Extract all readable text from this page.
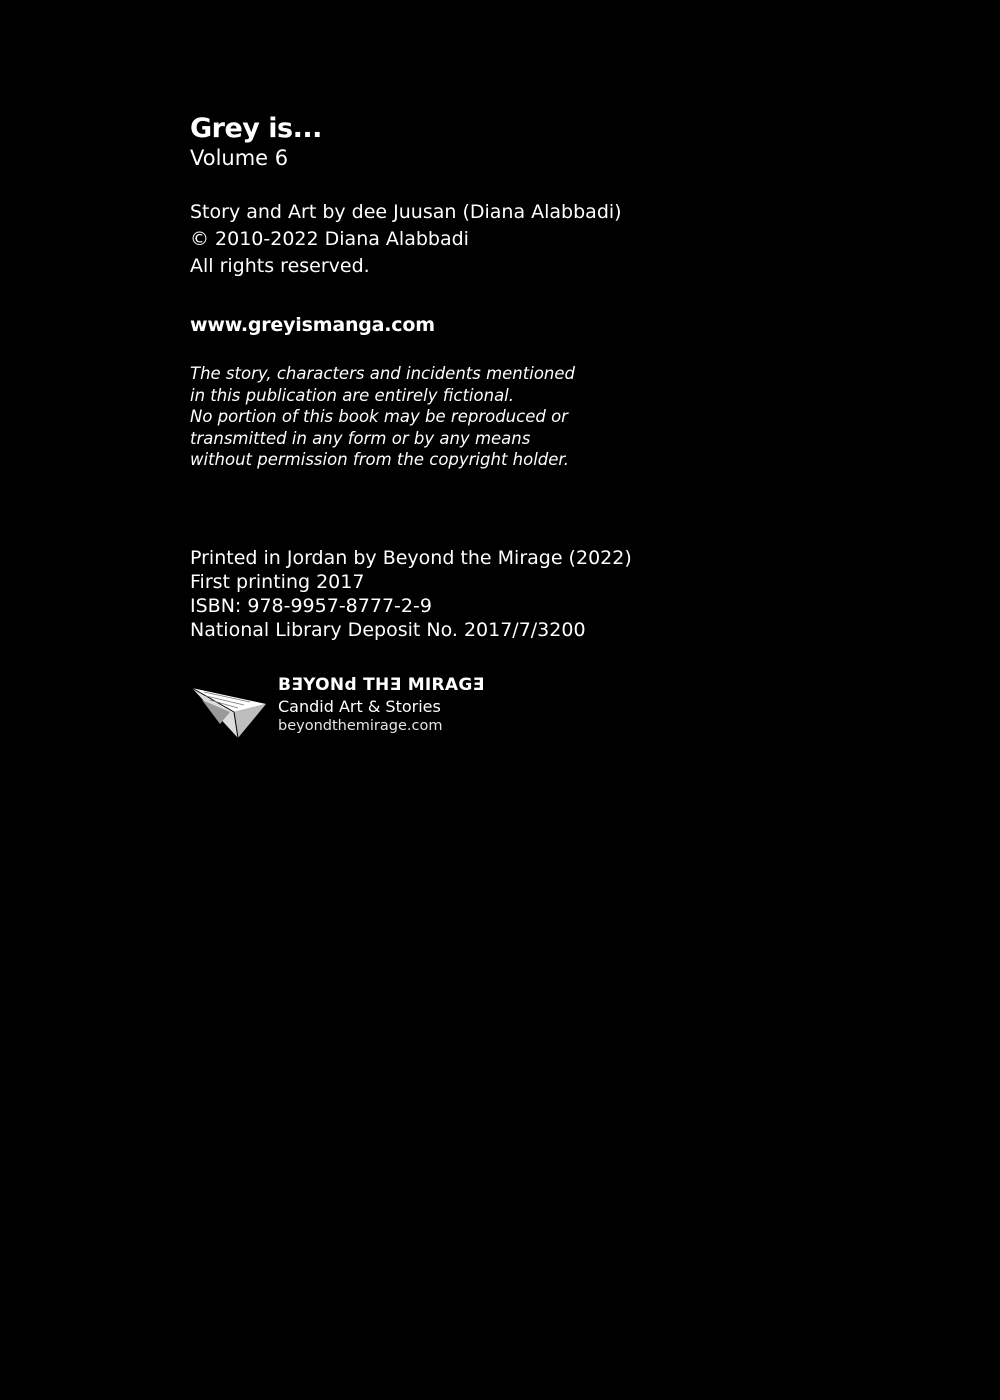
Grey is...
Volume 6
Story and Art by dee Juusan (Diana Alabbadi)
© 2010-2022 Diana Alabbadi
All rights reserved.
www.greyismanga.com
The story, characters and incidents mentioned
in this publication are entirely fictional.
No portion of this book may be reproduced or
transmitted in any form or by any means
without permission from the copyright holder.
Printed in Jordan by Beyond the Mirage (2022)
First printing 2017
ISBN: 978-9957-8777-2-9
National Library Deposit No. 2017/7/3200
BƎYONd THƎ MIRAGƎ
Candid Art & Stories
beyondthemirage.com
